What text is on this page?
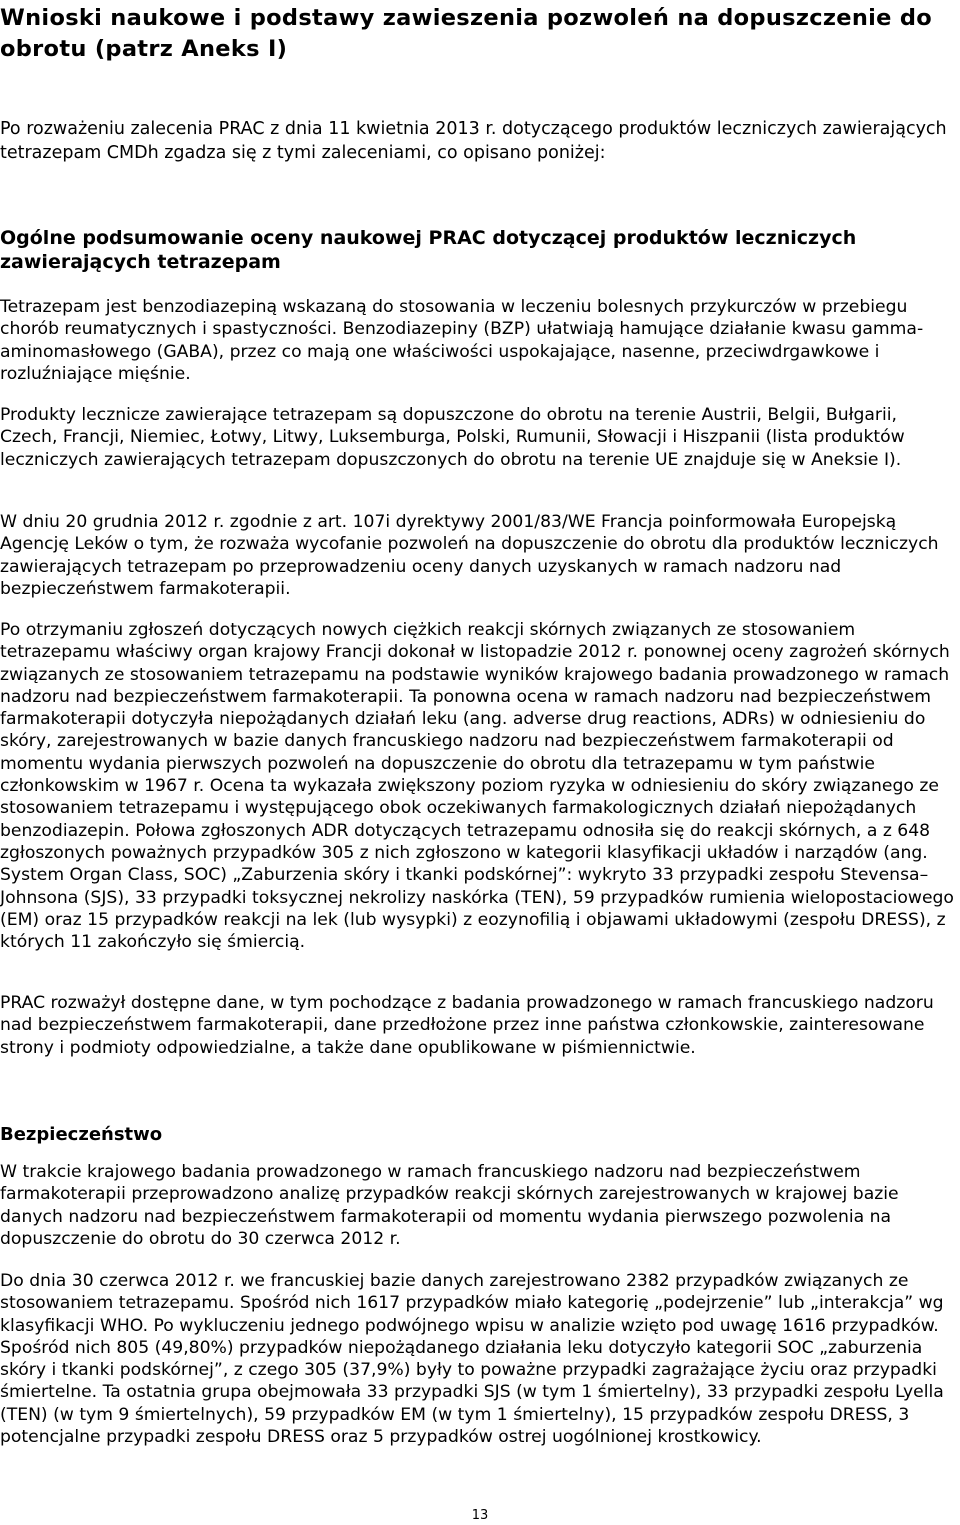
Wnioski naukowe i podstawy zawieszenia pozwoleń na dopuszczenie do obrotu (patrz Aneks I)

Po rozważeniu zalecenia PRAC z dnia 11 kwietnia 2013 r. dotyczącego produktów leczniczych zawierających tetrazepam CMDh zgadza się z tymi zaleceniami, co opisano poniżej:

Ogólne podsumowanie oceny naukowej PRAC dotyczącej produktów leczniczych zawierających tetrazepam

Tetrazepam jest benzodiazepiną wskazaną do stosowania w leczeniu bolesnych przykurczów w przebiegu chorób reumatycznych i spastyczności. Benzodiazepiny (BZP) ułatwiają hamujące działanie kwasu gamma-aminomasłowego (GABA), przez co mają one właściwości uspokajające, nasenne, przeciwdrgawkowe i rozluźniające mięśnie.

Produkty lecznicze zawierające tetrazepam są dopuszczone do obrotu na terenie Austrii, Belgii, Bułgarii, Czech, Francji, Niemiec, Łotwy, Litwy, Luksemburga, Polski, Rumunii, Słowacji i Hiszpanii (lista produktów leczniczych zawierających tetrazepam dopuszczonych do obrotu na terenie UE znajduje się w Aneksie I).

W dniu 20 grudnia 2012 r. zgodnie z art. 107i dyrektywy 2001/83/WE Francja poinformowała Europejską Agencję Leków o tym, że rozważa wycofanie pozwoleń na dopuszczenie do obrotu dla produktów leczniczych zawierających tetrazepam po przeprowadzeniu oceny danych uzyskanych w ramach nadzoru nad bezpieczeństwem farmakoterapii.

Po otrzymaniu zgłoszeń dotyczących nowych ciężkich reakcji skórnych związanych ze stosowaniem tetrazepamu właściwy organ krajowy Francji dokonał w listopadzie 2012 r. ponownej oceny zagrożeń skórnych związanych ze stosowaniem tetrazepamu na podstawie wyników krajowego badania prowadzonego w ramach nadzoru nad bezpieczeństwem farmakoterapii. Ta ponowna ocena w ramach nadzoru nad bezpieczeństwem farmakoterapii dotyczyła niepożądanych działań leku (ang. adverse drug reactions, ADRs) w odniesieniu do skóry, zarejestrowanych w bazie danych francuskiego nadzoru nad bezpieczeństwem farmakoterapii od momentu wydania pierwszych pozwoleń na dopuszczenie do obrotu dla tetrazepamu w tym państwie członkowskim w 1967 r. Ocena ta wykazała zwiększony poziom ryzyka w odniesieniu do skóry związanego ze stosowaniem tetrazepamu i występującego obok oczekiwanych farmakologicznych działań niepożądanych benzodiazepin. Połowa zgłoszonych ADR dotyczących tetrazepamu odnosiła się do reakcji skórnych, a z 648 zgłoszonych poważnych przypadków 305 z nich zgłoszono w kategorii klasyfikacji układów i narządów (ang. System Organ Class, SOC) „Zaburzenia skóry i tkanki podskórnej”: wykryto 33 przypadki zespołu Stevensa–Johnsona (SJS), 33 przypadki toksycznej nekrolizy naskórka (TEN), 59 przypadków rumienia wielopostaciowego (EM) oraz 15 przypadków reakcji na lek (lub wysypki) z eozynofilią i objawami układowymi (zespołu DRESS), z których 11 zakończyło się śmiercią.

PRAC rozważył dostępne dane, w tym pochodzące z badania prowadzonego w ramach francuskiego nadzoru nad bezpieczeństwem farmakoterapii, dane przedłożone przez inne państwa członkowskie, zainteresowane strony i podmioty odpowiedzialne, a także dane opublikowane w piśmiennictwie.

Bezpieczeństwo

W trakcie krajowego badania prowadzonego w ramach francuskiego nadzoru nad bezpieczeństwem farmakoterapii przeprowadzono analizę przypadków reakcji skórnych zarejestrowanych w krajowej bazie danych nadzoru nad bezpieczeństwem farmakoterapii od momentu wydania pierwszego pozwolenia na dopuszczenie do obrotu do 30 czerwca 2012 r.

Do dnia 30 czerwca 2012 r. we francuskiej bazie danych zarejestrowano 2382 przypadków związanych ze stosowaniem tetrazepamu. Spośród nich 1617 przypadków miało kategorię „podejrzenie” lub „interakcja” wg klasyfikacji WHO. Po wykluczeniu jednego podwójnego wpisu w analizie wzięto pod uwagę 1616 przypadków. Spośród nich 805 (49,80%) przypadków niepożądanego działania leku dotyczyło kategorii SOC „zaburzenia skóry i tkanki podskórnej”, z czego 305 (37,9%) były to poważne przypadki zagrażające życiu oraz przypadki śmiertelne. Ta ostatnia grupa obejmowała 33 przypadki SJS (w tym 1 śmiertelny), 33 przypadki zespołu Lyella (TEN) (w tym 9 śmiertelnych), 59 przypadków EM (w tym 1 śmiertelny), 15 przypadków zespołu DRESS, 3 potencjalne przypadki zespołu DRESS oraz 5 przypadków ostrej uogólnionej krostkowicy.

13
